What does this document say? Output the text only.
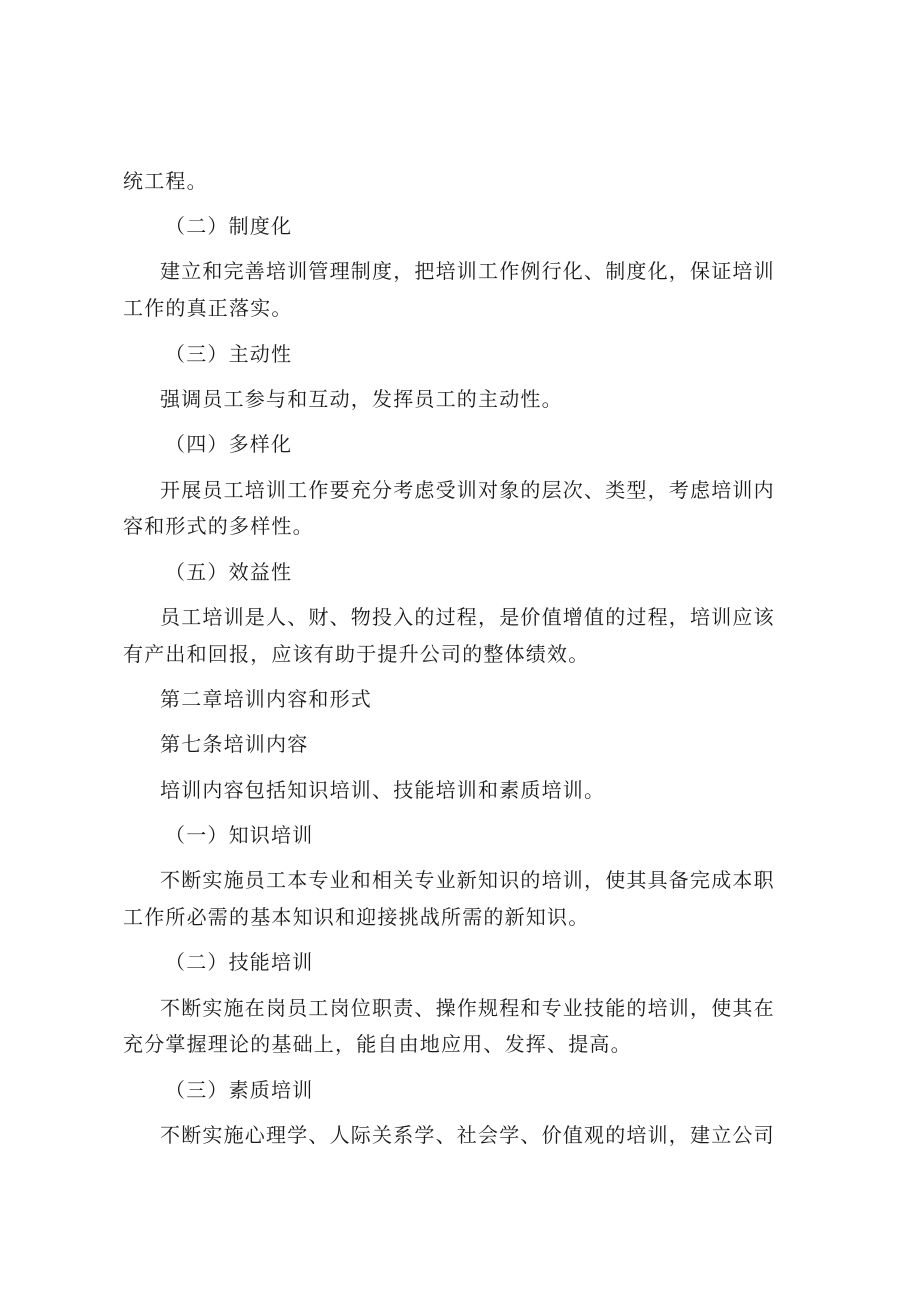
统工程。
（二）制度化
建立和完善培训管理制度，把培训工作例行化、制度化，保证培训
工作的真正落实。
（三）主动性
强调员工参与和互动，发挥员工的主动性。
（四）多样化
开展员工培训工作要充分考虑受训对象的层次、类型，考虑培训内
容和形式的多样性。
（五）效益性
员工培训是人、财、物投入的过程，是价值增值的过程，培训应该
有产出和回报，应该有助于提升公司的整体绩效。
第二章培训内容和形式
第七条培训内容
培训内容包括知识培训、技能培训和素质培训。
（一）知识培训
不断实施员工本专业和相关专业新知识的培训，使其具备完成本职
工作所必需的基本知识和迎接挑战所需的新知识。
（二）技能培训
不断实施在岗员工岗位职责、操作规程和专业技能的培训，使其在
充分掌握理论的基础上，能自由地应用、发挥、提高。
（三）素质培训
不断实施心理学、人际关系学、社会学、价值观的培训，建立公司
